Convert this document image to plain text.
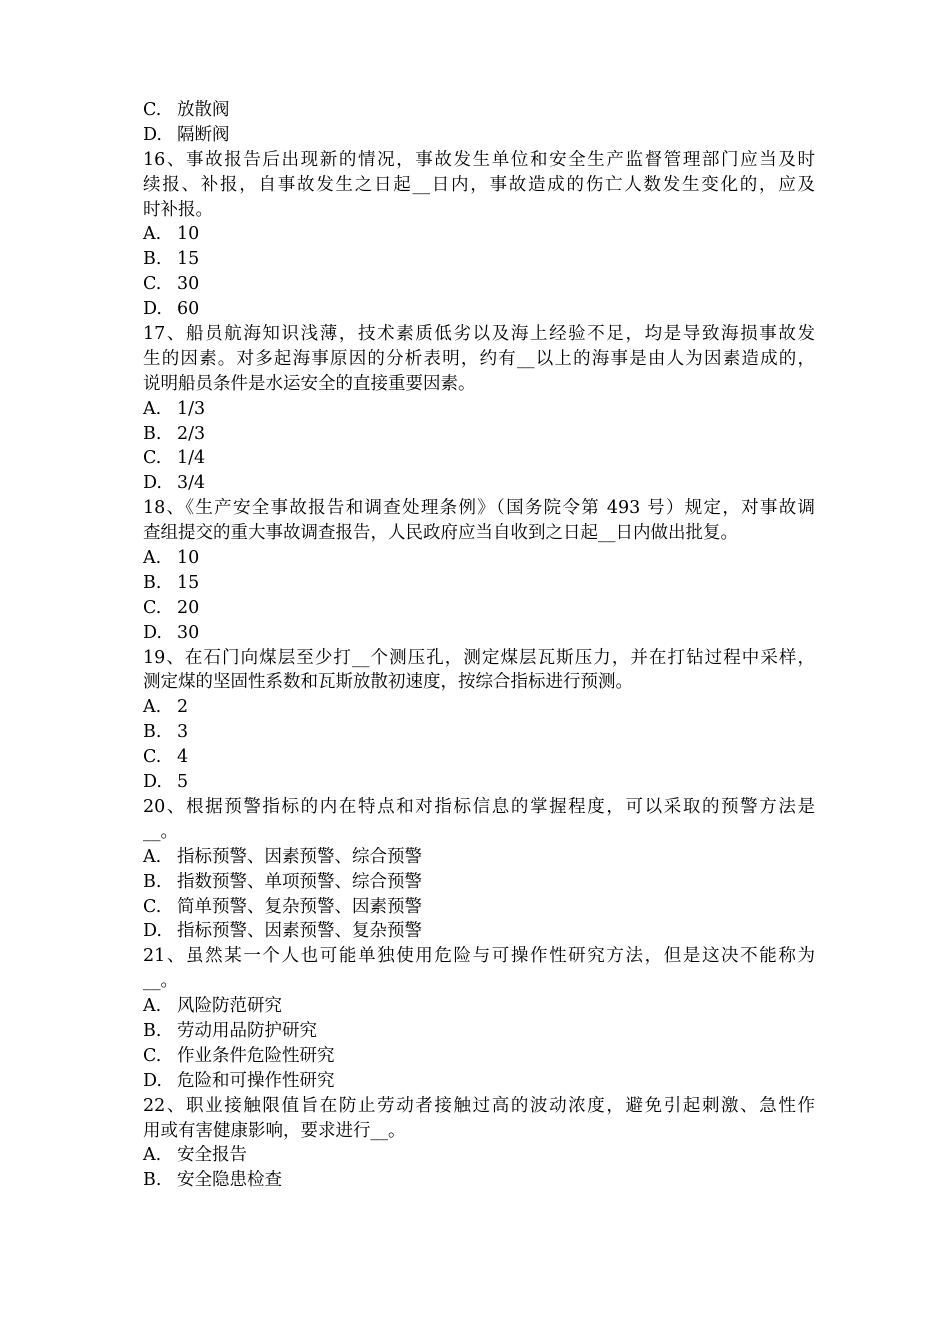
C. 放散阀
D. 隔断阀
16、事故报告后出现新的情况，事故发生单位和安全生产监督管理部门应当及时
续报、补报，自事故发生之日起__日内，事故造成的伤亡人数发生变化的，应及
时补报。
A. 10
B. 15
C. 30
D. 60
17、船员航海知识浅薄，技术素质低劣以及海上经验不足，均是导致海损事故发
生的因素。对多起海事原因的分析表明，约有__以上的海事是由人为因素造成的，
说明船员条件是水运安全的直接重要因素。
A. 1/3
B. 2/3
C. 1/4
D. 3/4
18、《生产安全事故报告和调查处理条例》（国务院令第 493 号）规定，对事故调
查组提交的重大事故调查报告，人民政府应当自收到之日起__日内做出批复。
A. 10
B. 15
C. 20
D. 30
19、在石门向煤层至少打__个测压孔，测定煤层瓦斯压力，并在打钻过程中采样，
测定煤的坚固性系数和瓦斯放散初速度，按综合指标进行预测。
A. 2
B. 3
C. 4
D. 5
20、根据预警指标的内在特点和对指标信息的掌握程度，可以采取的预警方法是
__。
A. 指标预警、因素预警、综合预警
B. 指数预警、单项预警、综合预警
C. 简单预警、复杂预警、因素预警
D. 指标预警、因素预警、复杂预警
21、虽然某一个人也可能单独使用危险与可操作性研究方法，但是这决不能称为
__。
A. 风险防范研究
B. 劳动用品防护研究
C. 作业条件危险性研究
D. 危险和可操作性研究
22、职业接触限值旨在防止劳动者接触过高的波动浓度，避免引起刺激、急性作
用或有害健康影响，要求进行__。
A. 安全报告
B. 安全隐患检查
